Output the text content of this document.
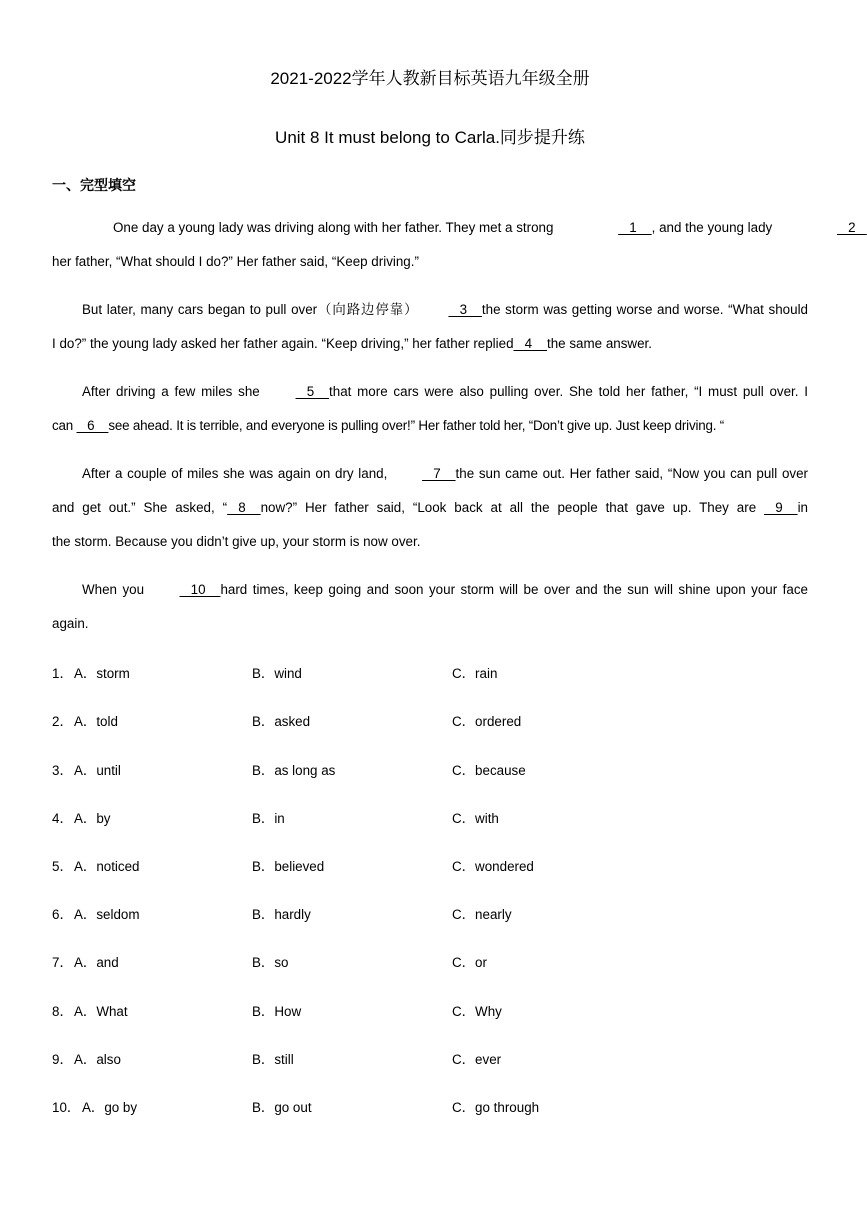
2021-2022学年人教新目标英语九年级全册
Unit 8 It must belong to Carla.同步提升练
一、完型填空
One day a young lady was driving along with her father. They met a strong	1    , and the young lady	2
her father, “What should I do?” Her father said, “Keep driving.”
But later, many cars began to pull over（向路边停靠）   3    the storm was getting worse and worse. “What should
I do?” the young lady asked her father again. “Keep driving,” her father replied   4    the same answer.
After driving a few miles she    5    that more cars were also pulling over. She told her father, “I must pull over. I
can    6    see ahead. It is terrible, and everyone is pulling over!” Her father told her, “Don’t give up. Just keep driving. “
After a couple of miles she was again on dry land,    7    the sun came out. Her father said, “Now you can pull over
and get out.” She asked, “   8    now?” Her father said, “Look back at all the people that gave up. They are    9    in
the storm. Because you didn’t give up, your storm is now over.
When you    10    hard times, keep going and soon your storm will be over and the sun will shine upon your face
again.
1． A．storm	B．wind	C．rain
2． A．told	B．asked	C．ordered
3． A．until	B．as long as	C．because
4． A．by	B．in	C．with
5． A．noticed	B．believed	C．wondered
6． A．seldom	B．hardly	C．nearly
7． A．and	B．so	C．or
8． A．What	B．How	C．Why
9． A．also	B．still	C．ever
10． A．go by	B．go out	C．go through
